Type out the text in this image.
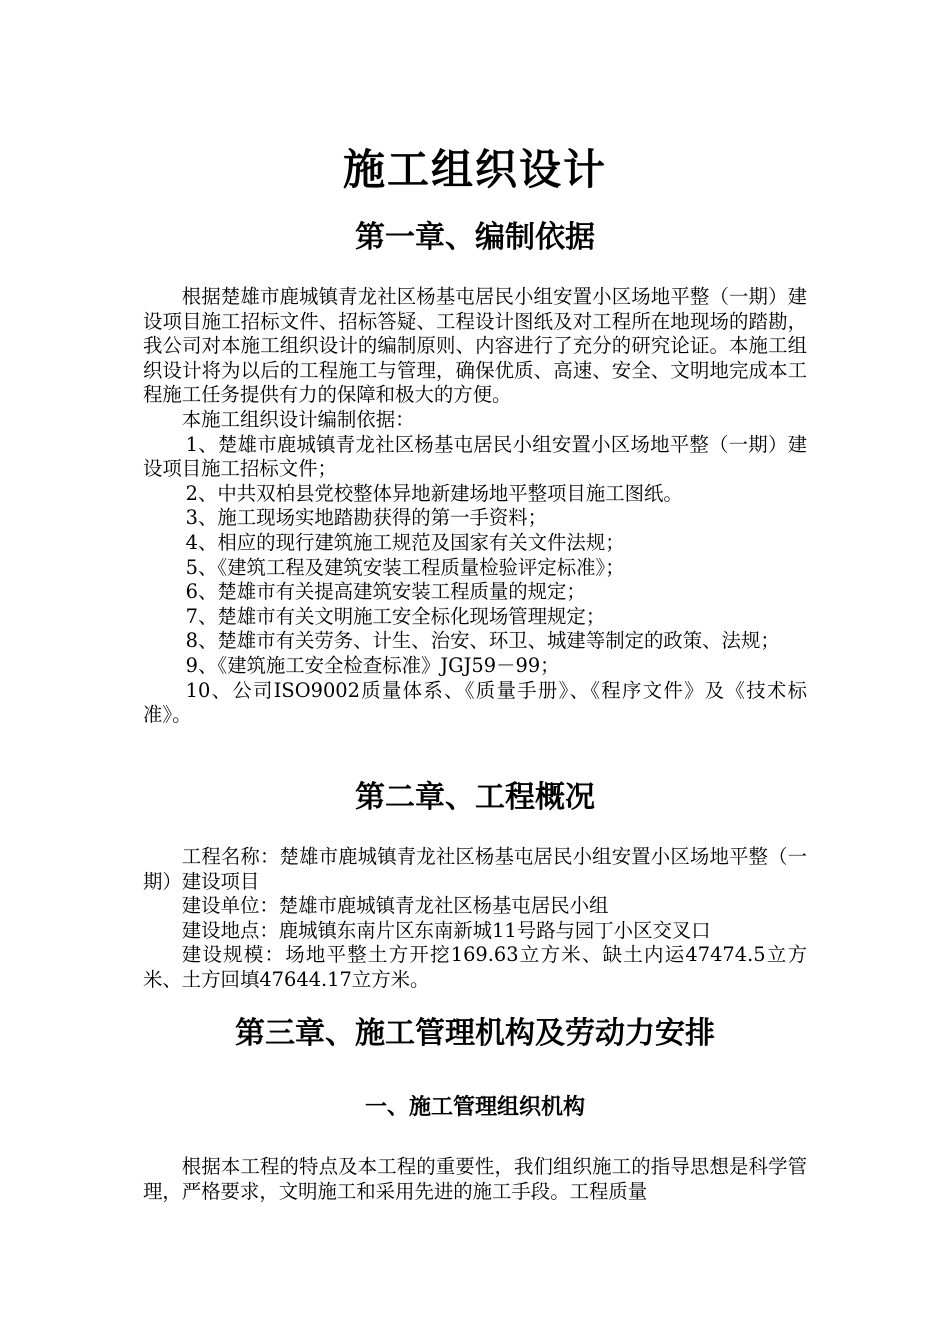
施工组织设计
第一章、编制依据

根据楚雄市鹿城镇青龙社区杨基屯居民小组安置小区场地平整（一期）建设项目施工招标文件、招标答疑、工程设计图纸及对工程所在地现场的踏勘，我公司对本施工组织设计的编制原则、内容进行了充分的研究论证。本施工组织设计将为以后的工程施工与管理，确保优质、高速、安全、文明地完成本工程施工任务提供有力的保障和极大的方便。

本施工组织设计编制依据：

1、楚雄市鹿城镇青龙社区杨基屯居民小组安置小区场地平整（一期）建设项目施工招标文件；

2、中共双柏县党校整体异地新建场地平整项目施工图纸。

3、施工现场实地踏勘获得的第一手资料；

4、相应的现行建筑施工规范及国家有关文件法规；

5、《建筑工程及建筑安装工程质量检验评定标准》；

6、楚雄市有关提高建筑安装工程质量的规定；

7、楚雄市有关文明施工安全标化现场管理规定；

8、楚雄市有关劳务、计生、治安、环卫、城建等制定的政策、法规；

9、《建筑施工安全检查标准》JGJ59－99；

10、公司ISO9002质量体系、《质量手册》、《程序文件》及《技术标准》。

第二章、工程概况

工程名称：楚雄市鹿城镇青龙社区杨基屯居民小组安置小区场地平整（一期）建设项目

建设单位：楚雄市鹿城镇青龙社区杨基屯居民小组

建设地点：鹿城镇东南片区东南新城11号路与园丁小区交叉口

建设规模：场地平整土方开挖169.63立方米、缺土内运47474.5立方米、土方回填47644.17立方米。

第三章、施工管理机构及劳动力安排
一、施工管理组织机构

根据本工程的特点及本工程的重要性，我们组织施工的指导思想是科学管理，严格要求，文明施工和采用先进的施工手段。工程质量
